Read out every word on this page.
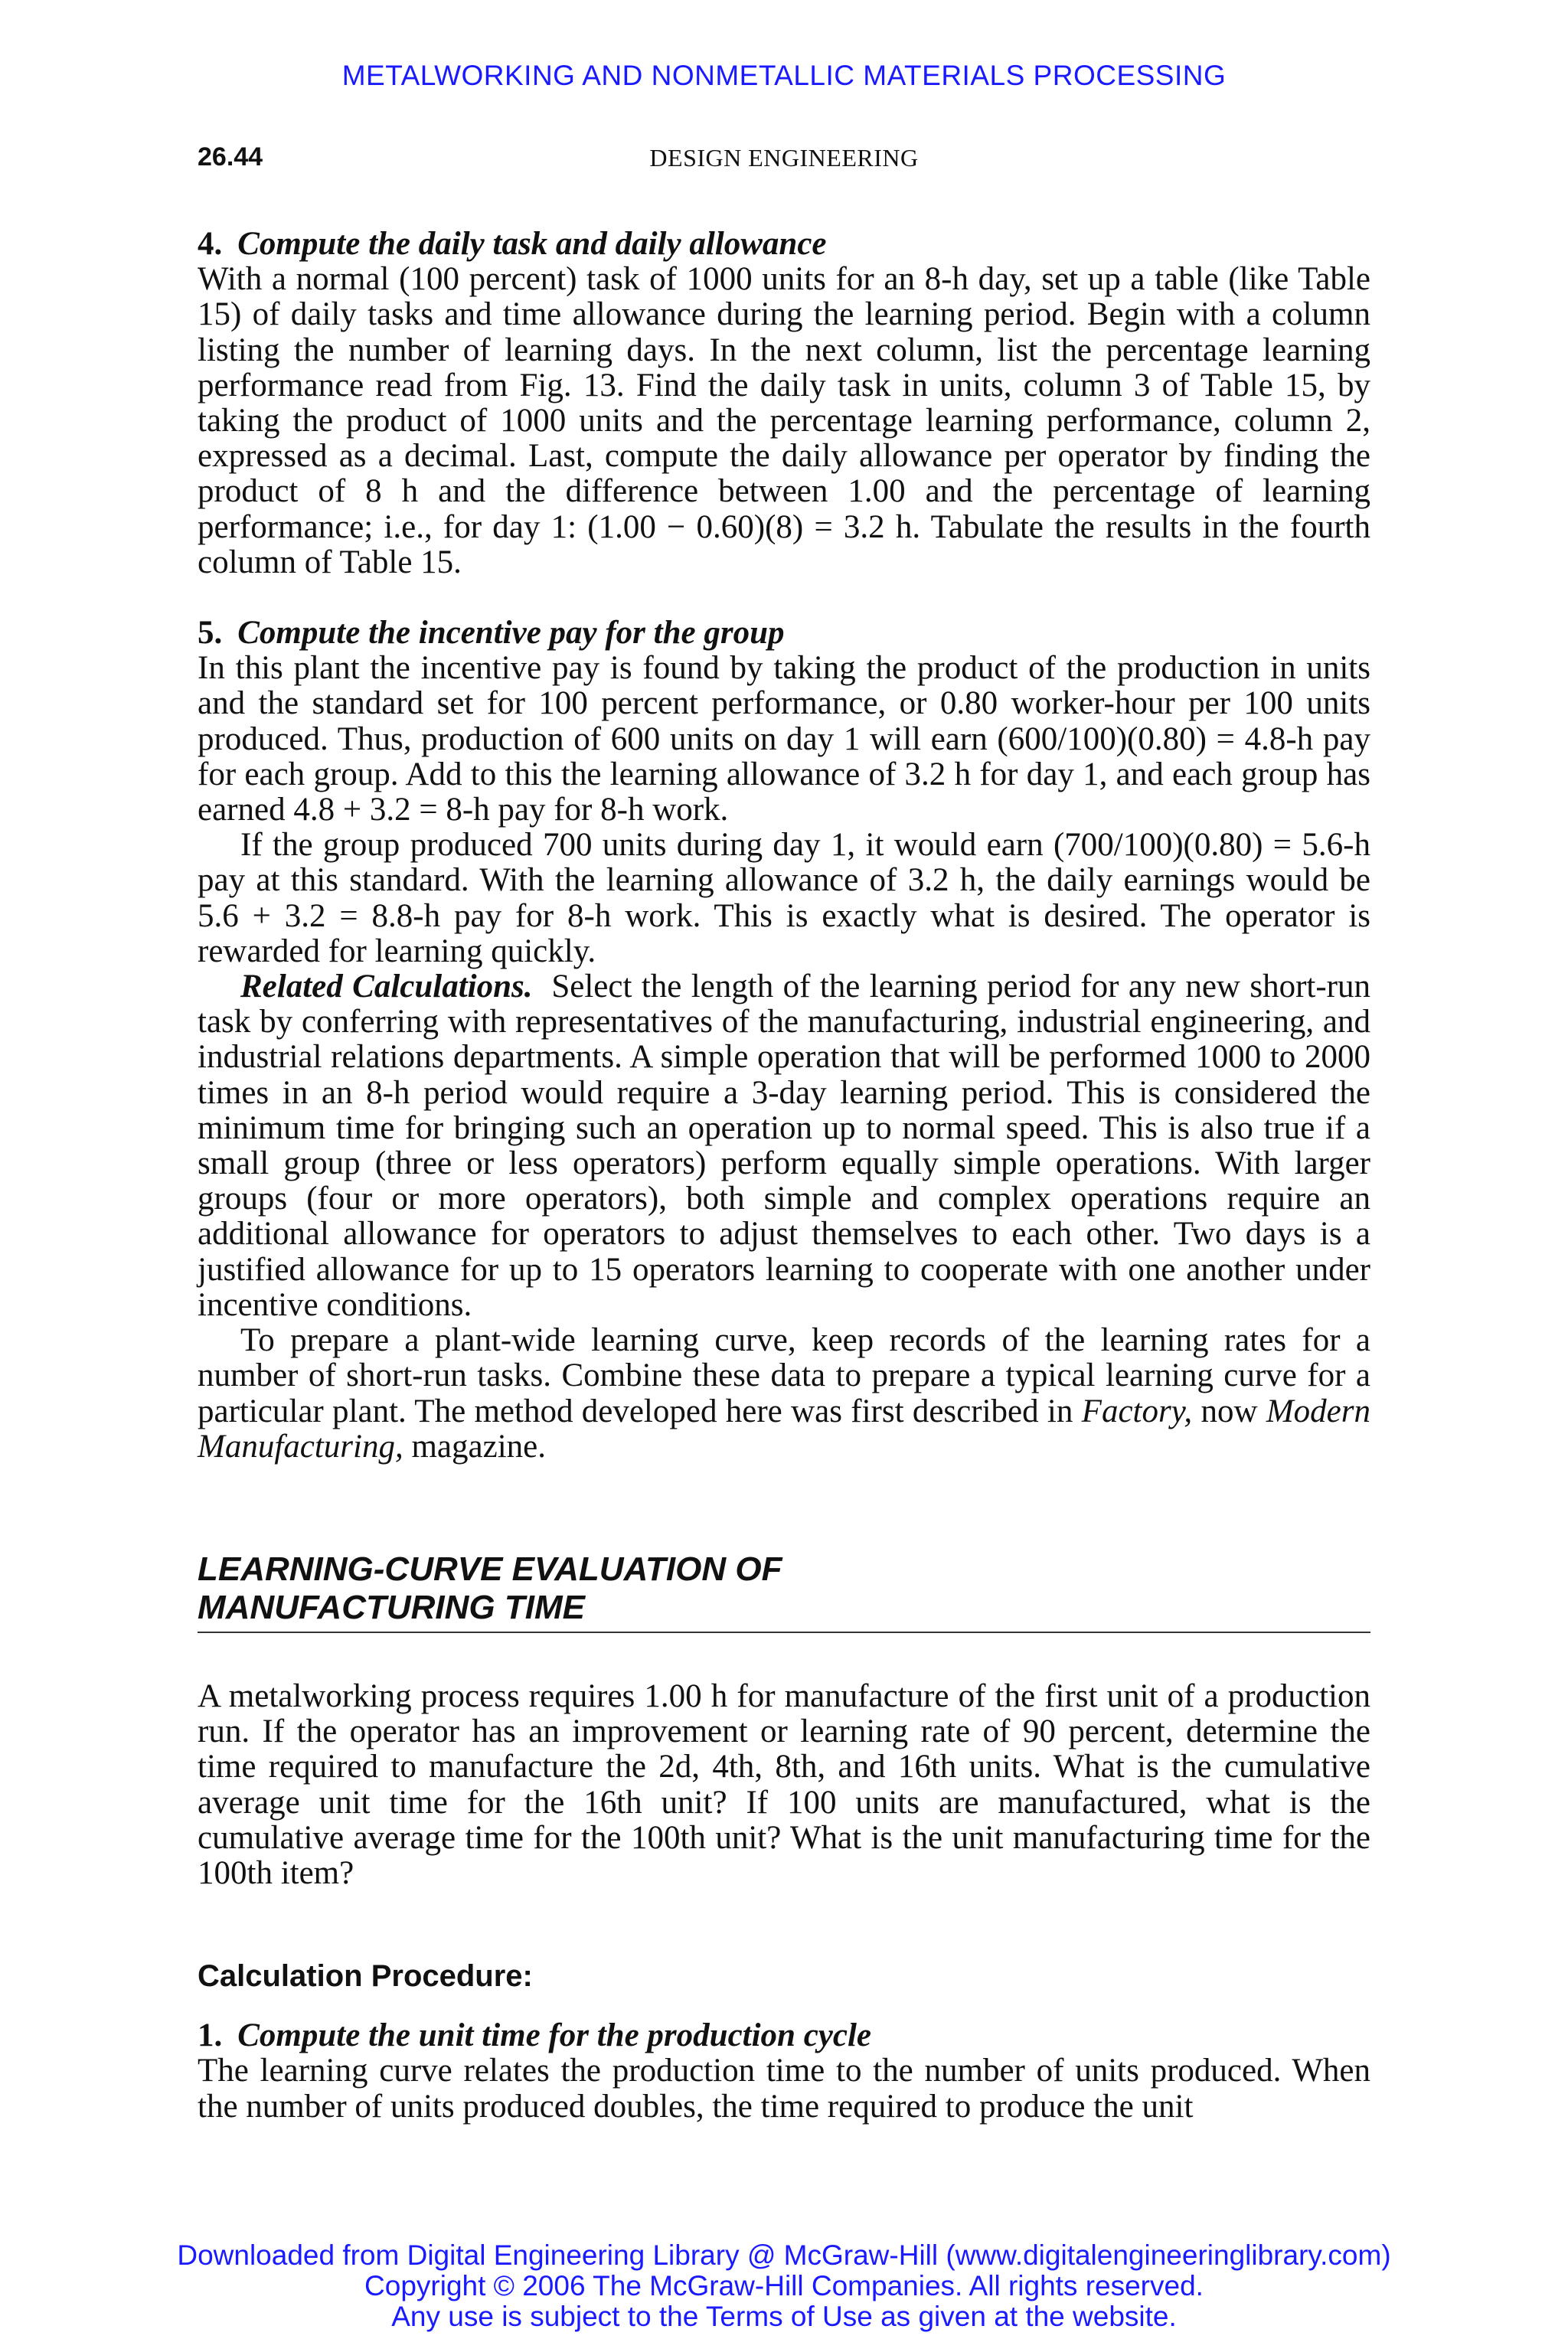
METALWORKING AND NONMETALLIC MATERIALS PROCESSING
26.44	DESIGN ENGINEERING
4. Compute the daily task and daily allowance

With a normal (100 percent) task of 1000 units for an 8-h day, set up a table (like Table 15) of daily tasks and time allowance during the learning period. Begin with a column listing the number of learning days. In the next column, list the percentage learning performance read from Fig. 13. Find the daily task in units, column 3 of Table 15, by taking the product of 1000 units and the percentage learning performance, column 2, expressed as a decimal. Last, compute the daily allowance per operator by finding the product of 8 h and the difference between 1.00 and the percentage of learning performance; i.e., for day 1: (1.00 − 0.60)(8) = 3.2 h. Tabulate the results in the fourth column of Table 15.

5. Compute the incentive pay for the group

In this plant the incentive pay is found by taking the product of the production in units and the standard set for 100 percent performance, or 0.80 worker-hour per 100 units produced. Thus, production of 600 units on day 1 will earn (600/​100)(0.80) = 4.8-h pay for each group. Add to this the learning allowance of 3.2 h for day 1, and each group has earned 4.8 + 3.2 = 8-h pay for 8-h work.

If the group produced 700 units during day 1, it would earn (700/100)(0.80) = 5.6-h pay at this standard. With the learning allowance of 3.2 h, the daily earnings would be 5.6 + 3.2 = 8.8-h pay for 8-h work. This is exactly what is desired. The operator is rewarded for learning quickly.

Related Calculations. Select the length of the learning period for any new short-run task by conferring with representatives of the manufacturing, industrial engineering, and industrial relations departments. A simple operation that will be performed 1000 to 2000 times in an 8-h period would require a 3-day learning period. This is considered the minimum time for bringing such an operation up to normal speed. This is also true if a small group (three or less operators) perform equally simple operations. With larger groups (four or more operators), both simple and complex operations require an additional allowance for operators to adjust themselves to each other. Two days is a justified allowance for up to 15 operators learning to cooperate with one another under incentive conditions.

To prepare a plant-wide learning curve, keep records of the learning rates for a number of short-run tasks. Combine these data to prepare a typical learning curve for a particular plant. The method developed here was first described in Factory, now Modern Manufacturing, magazine.

LEARNING-CURVE EVALUATION OF
MANUFACTURING TIME

A metalworking process requires 1.00 h for manufacture of the first unit of a production run. If the operator has an improvement or learning rate of 90 percent, determine the time required to manufacture the 2d, 4th, 8th, and 16th units. What is the cumulative average unit time for the 16th unit? If 100 units are manufactured, what is the cumulative average time for the 100th unit? What is the unit manufacturing time for the 100th item?

Calculation Procedure:
1. Compute the unit time for the production cycle

The learning curve relates the production time to the number of units produced. When the number of units produced doubles, the time required to produce the unit

Downloaded from Digital Engineering Library @ McGraw-Hill (www.digitalengineeringlibrary.com)
Copyright © 2006 The McGraw-Hill Companies. All rights reserved.
Any use is subject to the Terms of Use as given at the website.
